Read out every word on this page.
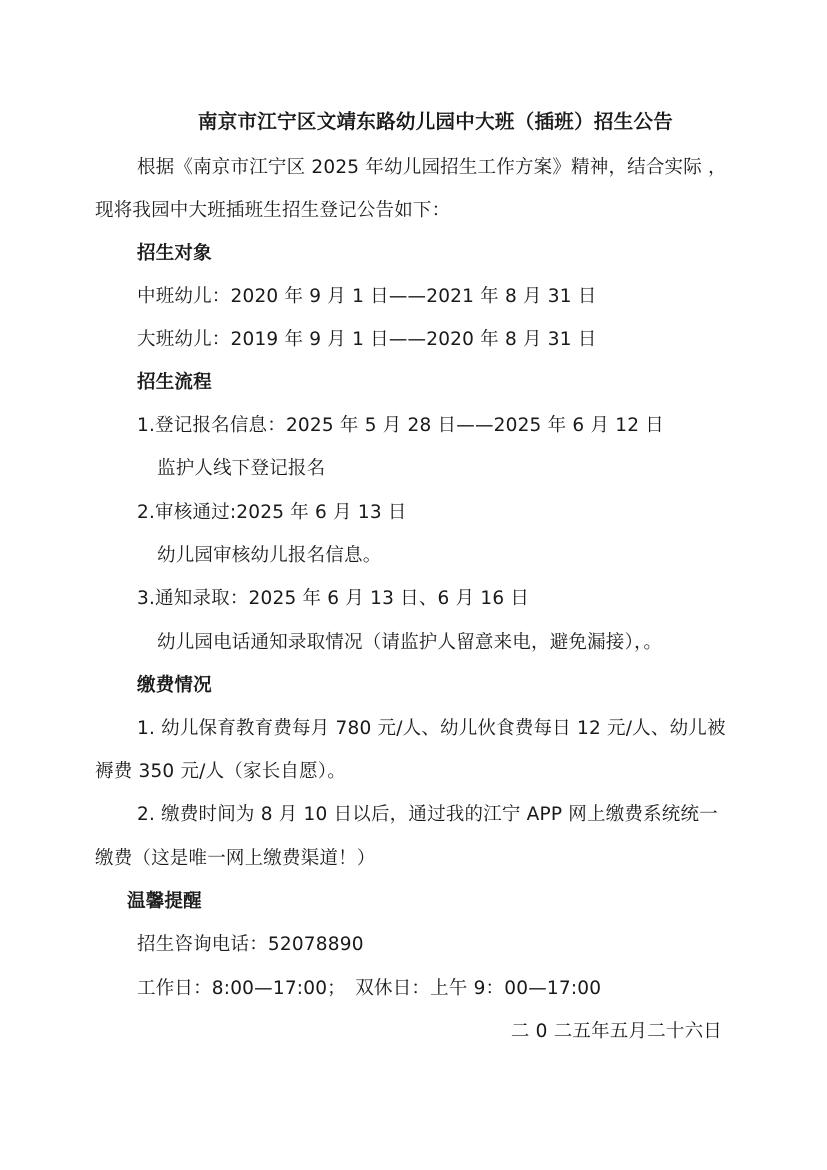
南京市江宁区文靖东路幼儿园中大班（插班）招生公告
根据《南京市江宁区 2025 年幼儿园招生工作方案》精神，结合实际 ，
现将我园中大班插班生招生登记公告如下：
招生对象
中班幼儿：2020 年 9 月 1 日——2021 年 8 月 31 日
大班幼儿：2019 年 9 月 1 日——2020 年 8 月 31 日
招生流程
1.登记报名信息：2025 年 5 月 28 日——2025 年 6 月 12 日
监护人线下登记报名
2.审核通过:2025 年 6 月 13 日
幼儿园审核幼儿报名信息。
3.通知录取：2025 年 6 月 13 日、6 月 16 日
幼儿园电话通知录取情况（请监护人留意来电，避免漏接），。
缴费情况
1. 幼儿保育教育费每月 780 元/人、幼儿伙食费每日 12 元/人、幼儿被
褥费 350 元/人（家长自愿）。
2. 缴费时间为 8 月 10 日以后，通过我的江宁 APP 网上缴费系统统一
缴费（这是唯一网上缴费渠道！）
温馨提醒
招生咨询电话：52078890
工作日：8:00—17:00；　双休日：上午 9：00—17:00
二 0 二五年五月二十六日
